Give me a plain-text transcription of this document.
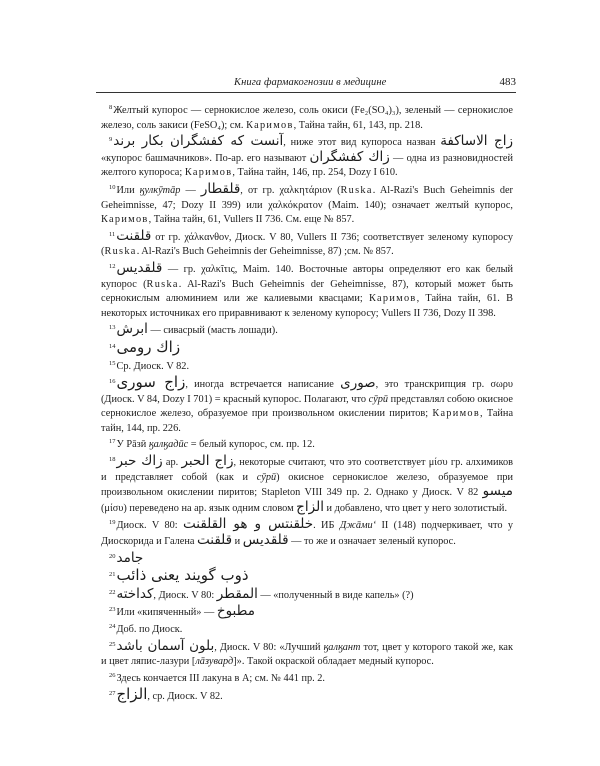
Книга фармакогнозии в медицине	483

$^8$Желтый купорос — сернокислое железо, соль окиси (Fe₂(SO₄)₃), зеленый — сернокислое железо, соль закиси (FeSO₄); см. Каримов, Тайна тайн, 61, 143, пр. 218.

$^9$آنست كه كفشگران بكار برند, ниже этот вид купороса назван زاج الاساكفة «купорос башмачников». По-ар. его называют زاك كفشگران — одна из разновидностей желтого купороса; Каримов, Тайна тайн, 146, пр. 254, Dozy I 610.

$^{10}$Или ӄулкӯтāр — قلقطار, от гр. χαλκητάριον (Ruska. Al-Razi's Buch Geheimnis der Geheimnisse, 47; Dozy II 399) или χαλκόκρατον (Maim. 140); означает желтый купорос, Каримов, Тайна тайн, 61, Vullers II 736. См. еще № 857.

$^{11}$قلقنت от гр. χάλκανθον, Диоск. V 80, Vullers II 736; соответствует зеленому купоросу (Ruska. Al-Razi's Buch Geheimnis der Geheimnisse, 87) ;см. № 857.

$^{12}$قلقديس — гр. χαλκῖτις, Maim. 140. Восточные авторы определяют его как белый купорос (Ruska. Al-Razi's Buch Geheimnis der Geheimnisse, 87), который может быть сернокислым алюминием или же калиевыми квасцами; Каримов, Тайна тайн, 61. В некоторых источниках его приравнивают к зеленому купоросу; Vullers II 736, Dozy II 398.

$^{13}$ابرش — сивасрый (масть лошади).

$^{14}$زاك رومى

$^{15}$Ср. Диоск. V 82.

$^{16}$زاج سورى, иногда встречается написание صورى, это транскрипция гр. σωρυ (Диоск. V 84, Dozy I 701) = красный купорос. Полагают, что сӯрӣ представлял собою окисное сернокислое железо, образуемое при произвольном окислении пиритов; Каримов, Тайна тайн, 144, пр. 226.

$^{17}$У Рāзӣ ӄалӄадӣс = белый купорос, см. пр. 12.

$^{18}$زاك حبر ар. زاج الحبر, некоторые считают, что это соответствует μίσυ гр. алхимиков и представляет собой (как и сӯрӣ) окисное сернокислое железо, образуемое при произвольном окислении пиритов; Stapleton VIII 349 пр. 2. Однако у Диоск. V 82 ميسو (μίσυ) переведено на ар. язык одним словом الزاج и добавлено, что цвет у него золотистый.

$^{19}$Диоск. V 80: خلقنتس و هو القلقنت. ИБ Джāмиʻ II (148) подчеркивает, что у Диоскорида и Галена قلقنت и قلقديس — то же и означает зеленый купорос.

$^{20}$جامد

$^{21}$ذوب گويند يعنى ذائب

$^{22}$كداخته, Диоск. V 80: المقطر — «полученный в виде капель» (?)

$^{23}$Или «кипяченный» — مطبوخ

$^{24}$Доб. по Диоск.

$^{25}$بلون آسمان باشد, Диоск. V 80: «Лучший ӄалӄант тот, цвет у которого такой же, как и цвет ляпис-лазури [лāзувард]». Такой окраской обладает медный купорос.

$^{26}$Здесь кончается III лакуна в А; см. № 441 пр. 2.

$^{27}$الزاج, ср. Диоск. V 82.
